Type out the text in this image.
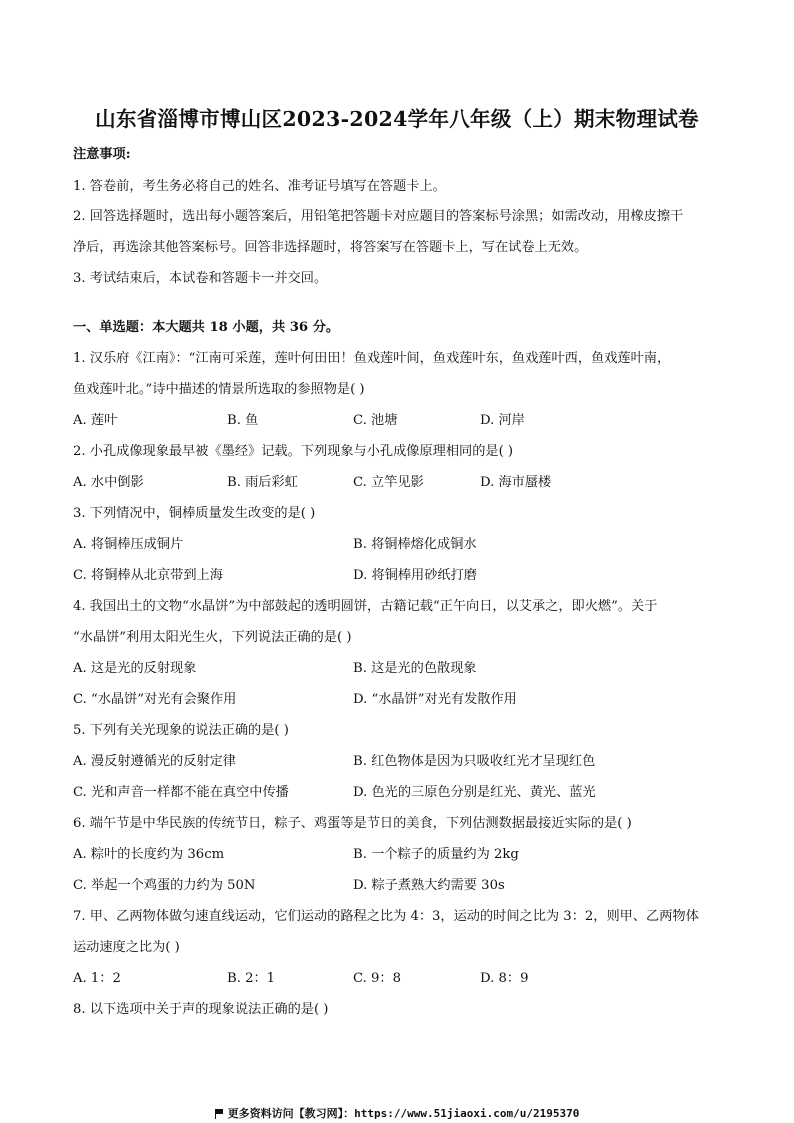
山东省淄博市博山区2023-2024学年八年级（上）期末物理试卷
注意事项:
1. 答卷前，考生务必将自己的姓名、准考证号填写在答题卡上。
2. 回答选择题时，选出每小题答案后，用铅笔把答题卡对应题目的答案标号涂黑；如需改动，用橡皮擦干
净后，再选涂其他答案标号。回答非选择题时，将答案写在答题卡上，写在试卷上无效。
3. 考试结束后，本试卷和答题卡一并交回。
一、单选题：本大题共 18 小题，共 36 分。
1. 汉乐府《江南》：“江南可采莲，莲叶何田田！鱼戏莲叶间，鱼戏莲叶东，鱼戏莲叶西，鱼戏莲叶南，
鱼戏莲叶北。”诗中描述的情景所选取的参照物是( )
A. 莲叶	B. 鱼	C. 池塘	D. 河岸
2. 小孔成像现象最早被《墨经》记载。下列现象与小孔成像原理相同的是( )
A. 水中倒影	B. 雨后彩虹	C. 立竿见影	D. 海市蜃楼
3. 下列情况中，铜棒质量发生改变的是( )
A. 将铜棒压成铜片	B. 将铜棒熔化成铜水
C. 将铜棒从北京带到上海	D. 将铜棒用砂纸打磨
4. 我国出土的文物“水晶饼”为中部鼓起的透明圆饼，古籍记载“正午向日，以艾承之，即火燃”。关于
“水晶饼”利用太阳光生火，下列说法正确的是( )
A. 这是光的反射现象	B. 这是光的色散现象
C. “水晶饼”对光有会聚作用	D. “水晶饼”对光有发散作用
5. 下列有关光现象的说法正确的是( )
A. 漫反射遵循光的反射定律	B. 红色物体是因为只吸收红光才呈现红色
C. 光和声音一样都不能在真空中传播	D. 色光的三原色分别是红光、黄光、蓝光
6. 端午节是中华民族的传统节日，粽子、鸡蛋等是节日的美食，下列估测数据最接近实际的是( )
A. 粽叶的长度约为 36cm	B. 一个粽子的质量约为 2kg
C. 举起一个鸡蛋的力约为 50N	D. 粽子煮熟大约需要 30s
7. 甲、乙两物体做匀速直线运动，它们运动的路程之比为 4：3，运动的时间之比为 3：2，则甲、乙两物体
运动速度之比为( )
A. 1：2	B. 2：1	C. 9：8	D. 8：9
8. 以下选项中关于声的现象说法正确的是( )
更多资料访问【教习网】：https://www.51jiaoxi.com/u/2195370
